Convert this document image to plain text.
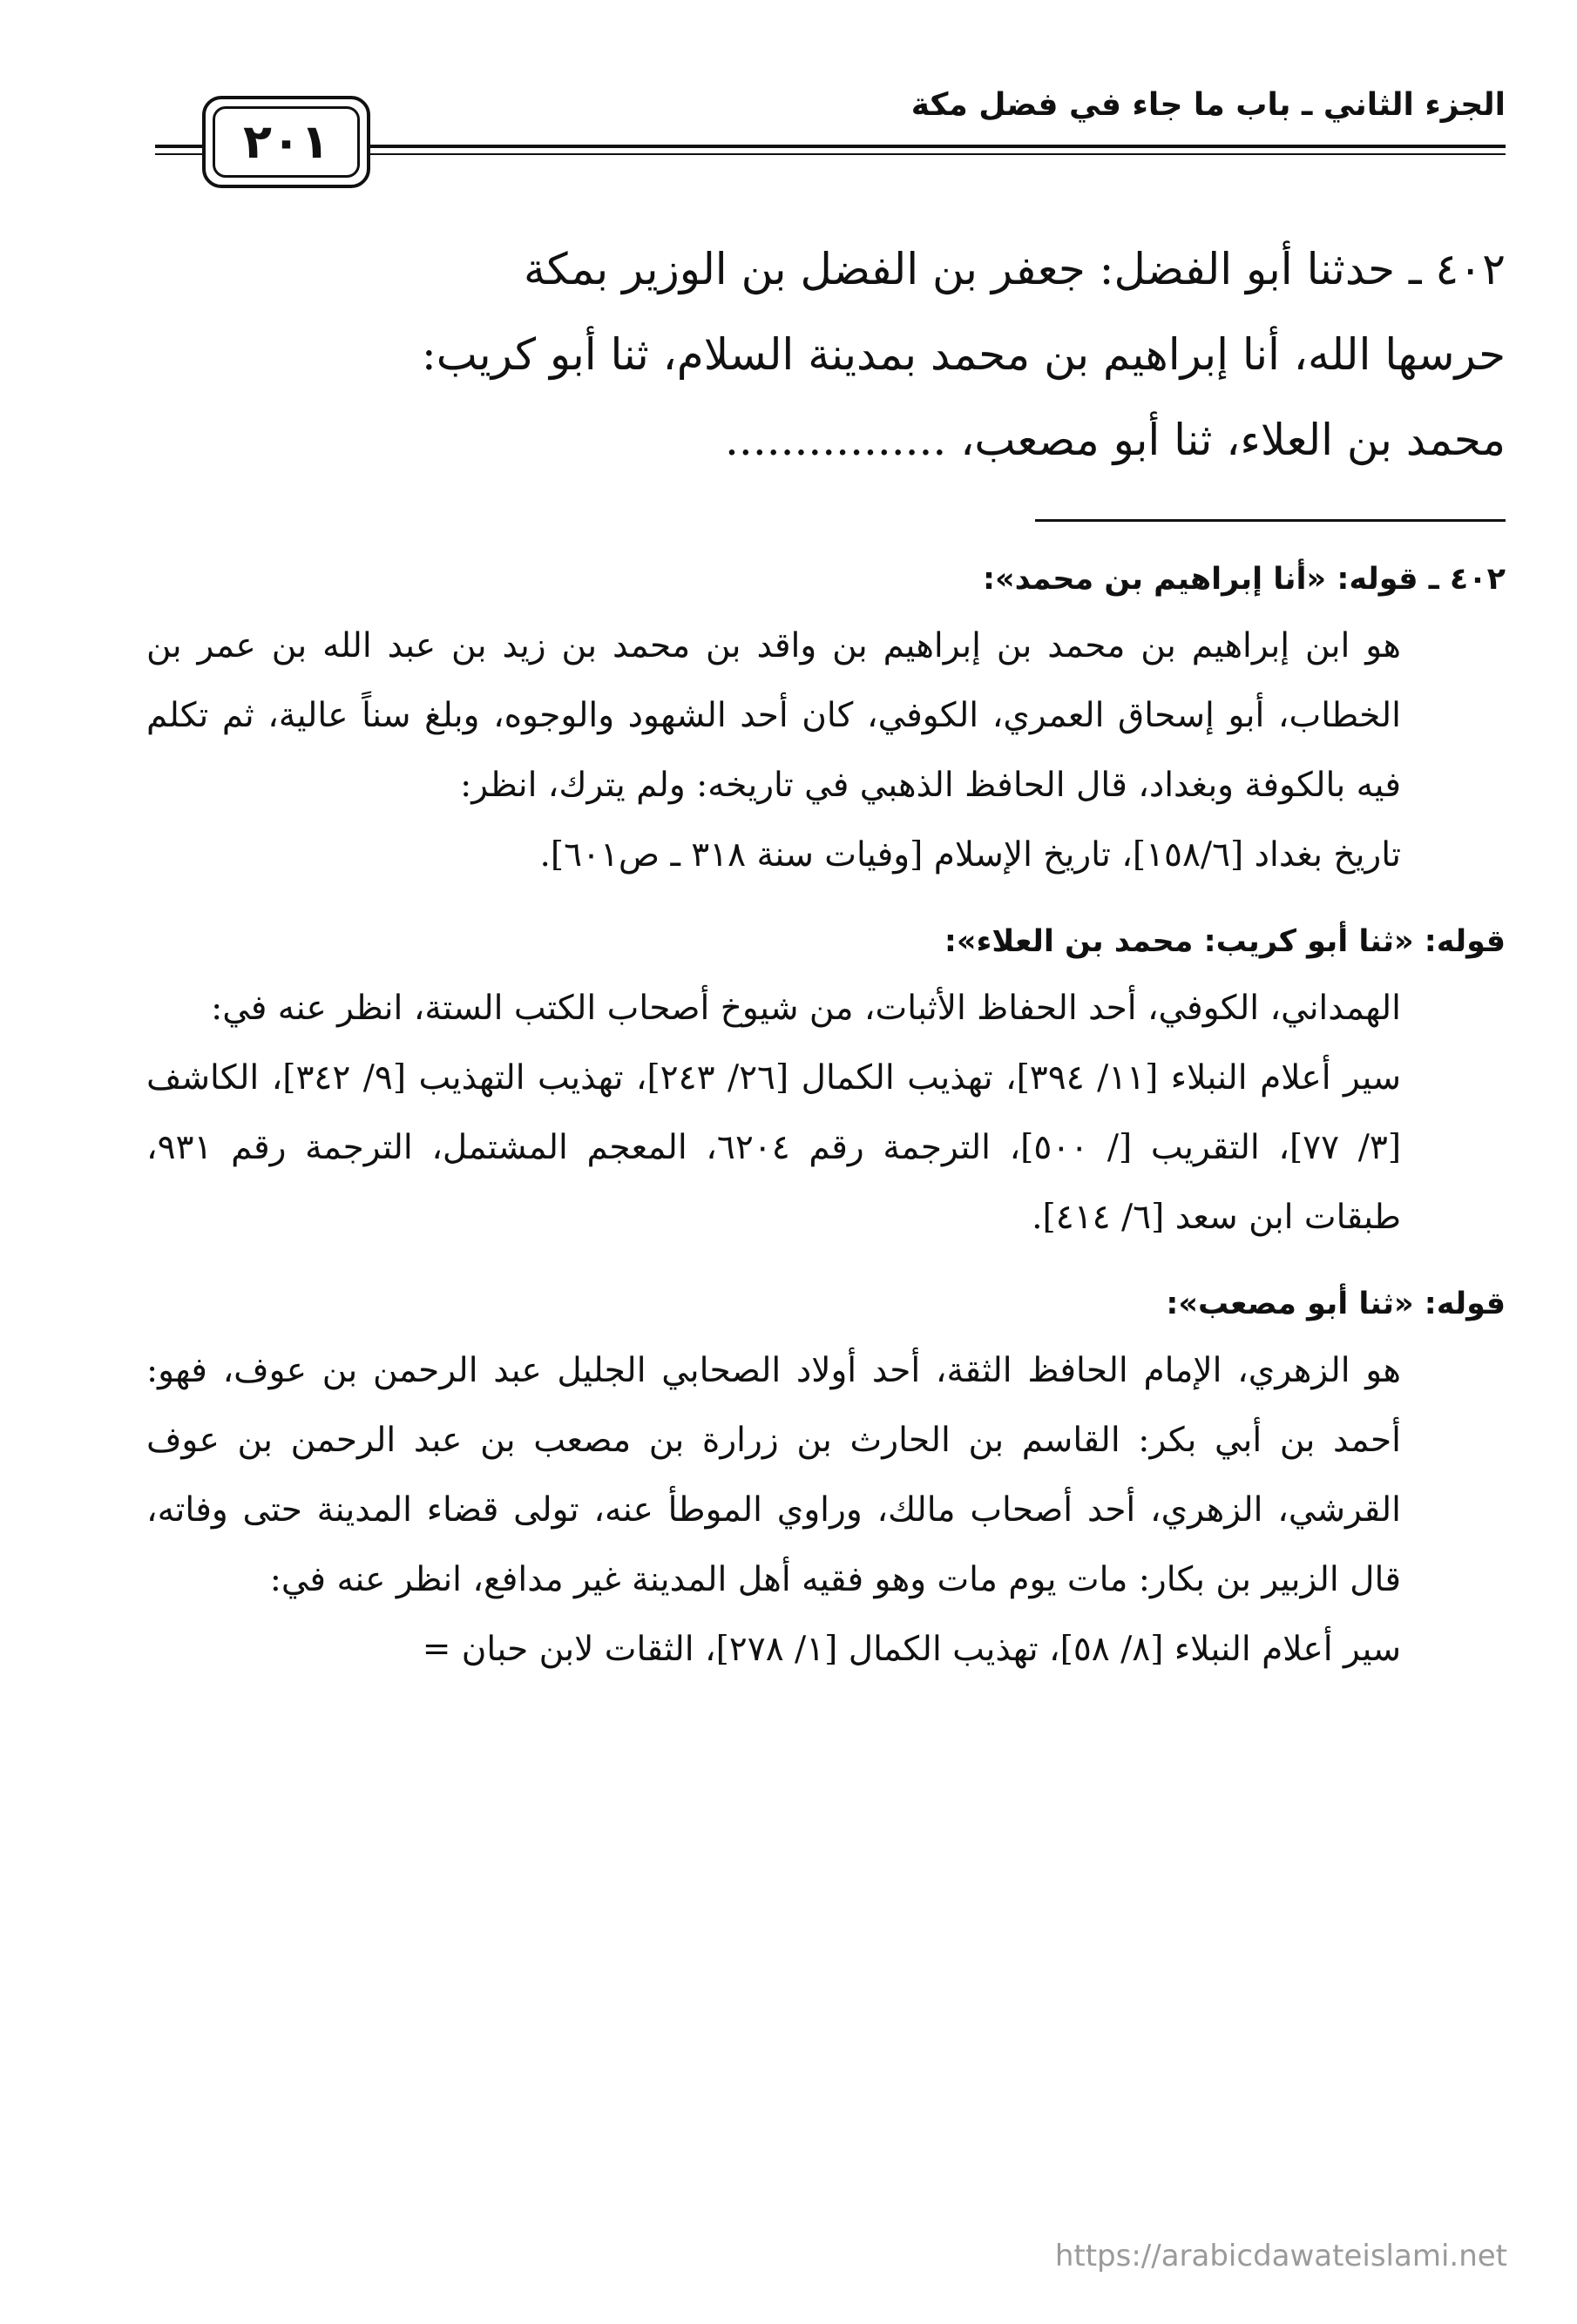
الجزء الثاني ـ باب ما جاء في فضل مكة
٢٠١

٤٠٢ ـ حدثنا أبو الفضل: جعفر بن الفضل بن الوزير بمكة

حرسها الله، أنا إبراهيم بن محمد بمدينة السلام، ثنا أبو كريب:

محمد بن العلاء، ثنا أبو مصعب، ................

٤٠٢ ـ قوله: «أنا إبراهيم بن محمد»:

هو ابن إبراهيم بن محمد بن إبراهيم بن واقد بن محمد بن زيد بن عبد الله بن عمر بن الخطاب، أبو إسحاق العمري، الكوفي، كان أحد الشهود والوجوه، وبلغ سناً عالية، ثم تكلم فيه بالكوفة وبغداد، قال الحافظ الذهبي في تاريخه: ولم يترك، انظر:

تاريخ بغداد [١٥٨/٦]، تاريخ الإسلام [وفيات سنة ٣١٨ ـ ص٦٠١].

قوله: «ثنا أبو كريب: محمد بن العلاء»:

الهمداني، الكوفي، أحد الحفاظ الأثبات، من شيوخ أصحاب الكتب الستة، انظر عنه في:

سير أعلام النبلاء [١١/ ٣٩٤]، تهذيب الكمال [٢٦/ ٢٤٣]، تهذيب التهذيب [٩/ ٣٤٢]، الكاشف [٣/ ٧٧]، التقريب [/ ٥٠٠]، الترجمة رقم ٦٢٠٤، المعجم المشتمل، الترجمة رقم ٩٣١، طبقات ابن سعد [٦/ ٤١٤].

قوله: «ثنا أبو مصعب»:

هو الزهري، الإمام الحافظ الثقة، أحد أولاد الصحابي الجليل عبد الرحمن بن عوف، فهو: أحمد بن أبي بكر: القاسم بن الحارث بن زرارة بن مصعب بن عبد الرحمن بن عوف القرشي، الزهري، أحد أصحاب مالك، وراوي الموطأ عنه، تولى قضاء المدينة حتى وفاته، قال الزبير بن بكار: مات يوم مات وهو فقيه أهل المدينة غير مدافع، انظر عنه في:

سير أعلام النبلاء [٨/ ٥٨]، تهذيب الكمال [١/ ٢٧٨]، الثقات لابن حبان =

https://arabicdawateislami.net
